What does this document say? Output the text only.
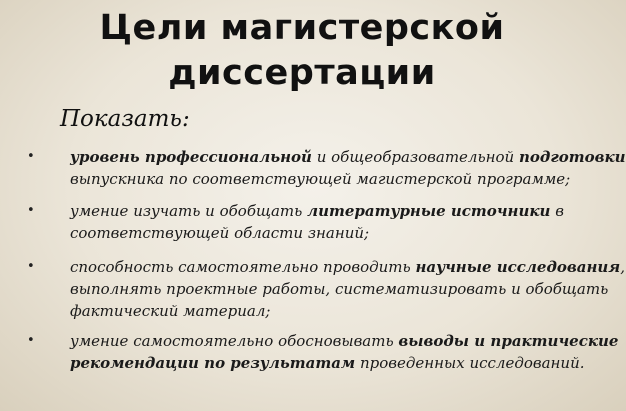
Цели магистерской
диссертации

Показать:

• уровень профессиональной и общеобразовательной подготовки
выпускника по соответствующей магистерской программе;
• умение изучать и обобщать литературные источники в
соответствующей области знаний;
• способность самостоятельно проводить научные исследования,
выполнять проектные работы, систематизировать и обобщать
фактический материал;
• умение самостоятельно обосновывать выводы и практические
рекомендации по результатам проведенных исследований.
